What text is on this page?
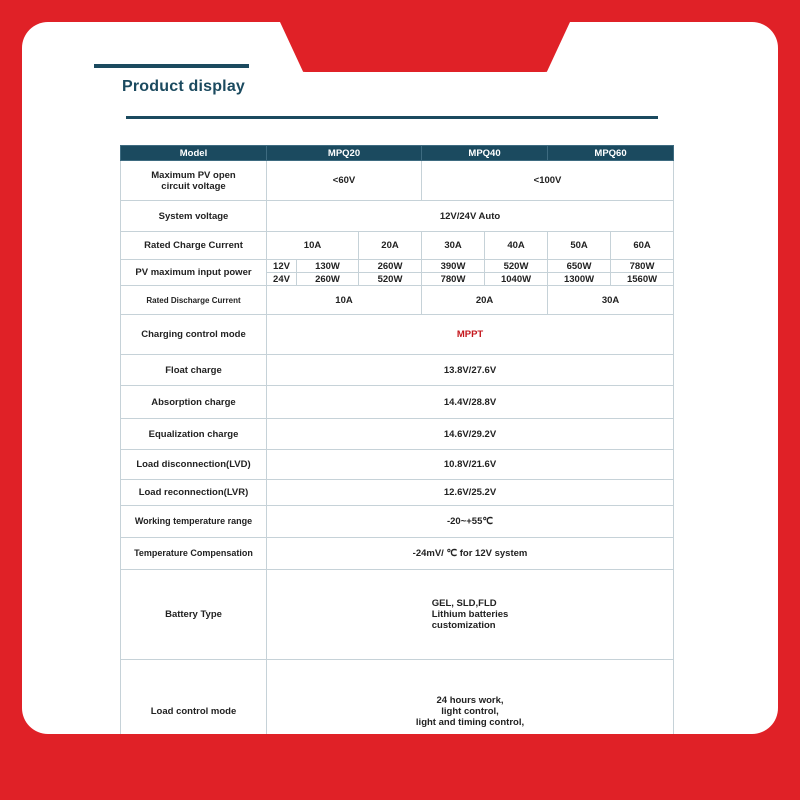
Product display
Model	MPQ20			MPQ40		MPQ60	
Maximum PV open
circuit voltage	<60V			<100V			
System voltage	12V/24V Auto						
Rated Charge Current	10A		20A	30A	40A	50A	60A
PV maximum input power	12V	130W	260W	390W	520W	650W	780W
	24V	260W	520W	780W	1040W	1300W	1560W
Rated Discharge Current	10A			20A		30A	
Charging control mode	MPPT						
Float charge	13.8V/27.6V						
Absorption charge	14.4V/28.8V						
Equalization charge	14.6V/29.2V						
Load disconnection(LVD)	10.8V/21.6V						
Load reconnection(LVR)	12.6V/25.2V						
Working temperature range	-20~+55℃						
Temperature Compensation	-24mV/ ℃ for 12V system						
Battery Type	GEL, SLD,FLD
Lithium batteries
customization						
Load control mode	24 hours work,
light control,
light and timing control,						
